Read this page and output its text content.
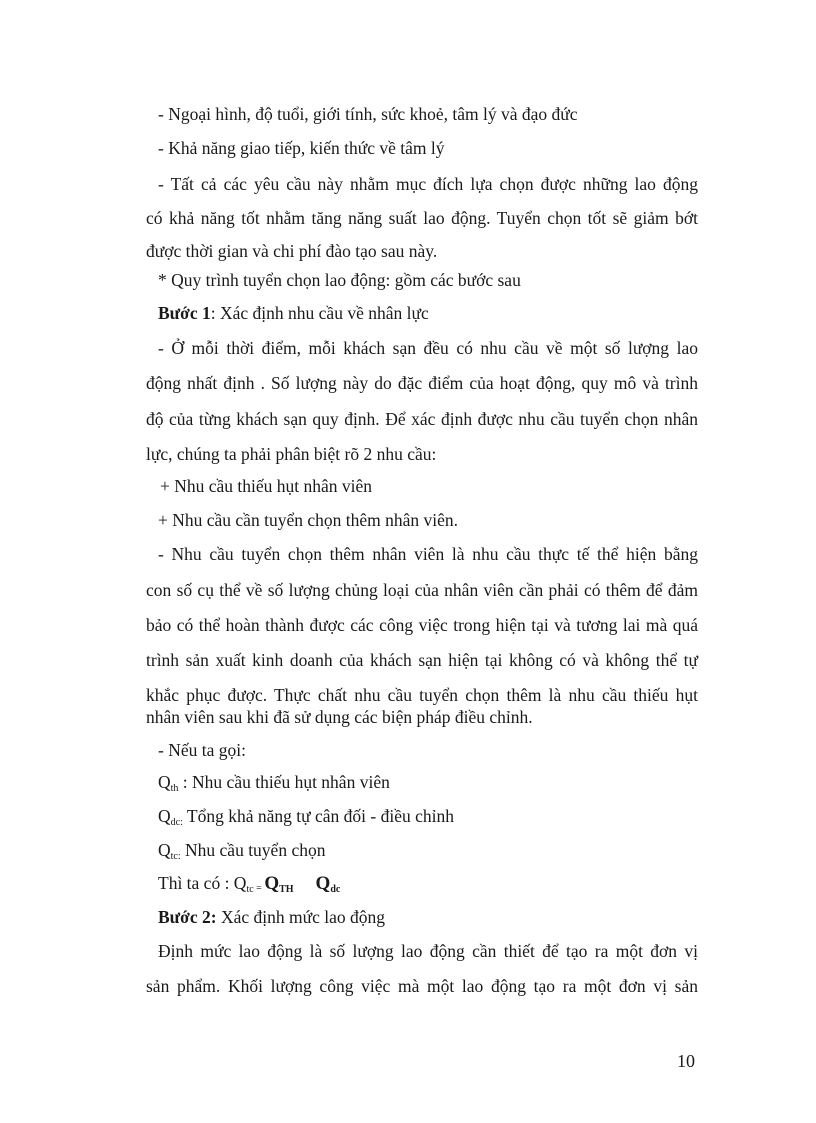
- Ngoại hình, độ tuổi, giới tính, sức khoẻ, tâm lý và đạo đức
- Khả năng giao tiếp, kiến thức về tâm lý
- Tất cả các yêu cầu này nhằm mục đích lựa chọn được những lao động
có khả năng tốt nhằm tăng năng suất lao động. Tuyển chọn tốt sẽ giảm bớt
được thời gian và chi phí đào tạo sau này.
* Quy trình tuyển chọn lao động: gồm các bước sau
Bước 1: Xác định nhu cầu về nhân lực
- Ở mỗi thời điểm, mỗi khách sạn đều có nhu cầu về một số lượng lao
động nhất định . Số lượng này do đặc điểm của hoạt động, quy mô và trình
độ của từng khách sạn quy định. Để xác định được nhu cầu tuyển chọn nhân
lực, chúng ta phải phân biệt rõ 2 nhu cầu:
+ Nhu cầu thiếu hụt nhân viên
+ Nhu cầu cần tuyển chọn thêm nhân viên.
- Nhu cầu tuyển chọn thêm nhân viên là nhu cầu thực tế thể hiện bằng
con số cụ thể về số lượng chủng loại của nhân viên cần phải có thêm để đảm
bảo có thể hoàn thành được các công việc trong hiện tại và tương lai mà quá
trình sản xuất kinh doanh của khách sạn hiện tại không có và không thể tự
khắc phục được. Thực chất nhu cầu tuyển chọn thêm là nhu cầu thiếu hụt
nhân viên sau khi đã sử dụng các biện pháp điều chỉnh.
- Nếu ta gọi:
$Q_{th}$ : Nhu cầu thiếu hụt nhân viên
$Q_{dc:}$ Tổng khả năng tự cân đối - điều chỉnh
$Q_{tc:}$ Nhu cầu tuyển chọn
Thì ta có : $Q_{tc} = Q_{TH}$ $Q_{dc}$
Bước 2: Xác định mức lao động
Định mức lao động là số lượng lao động cần thiết để tạo ra một đơn vị
sản phẩm. Khối lượng công việc mà một lao động tạo ra một đơn vị sản
10
